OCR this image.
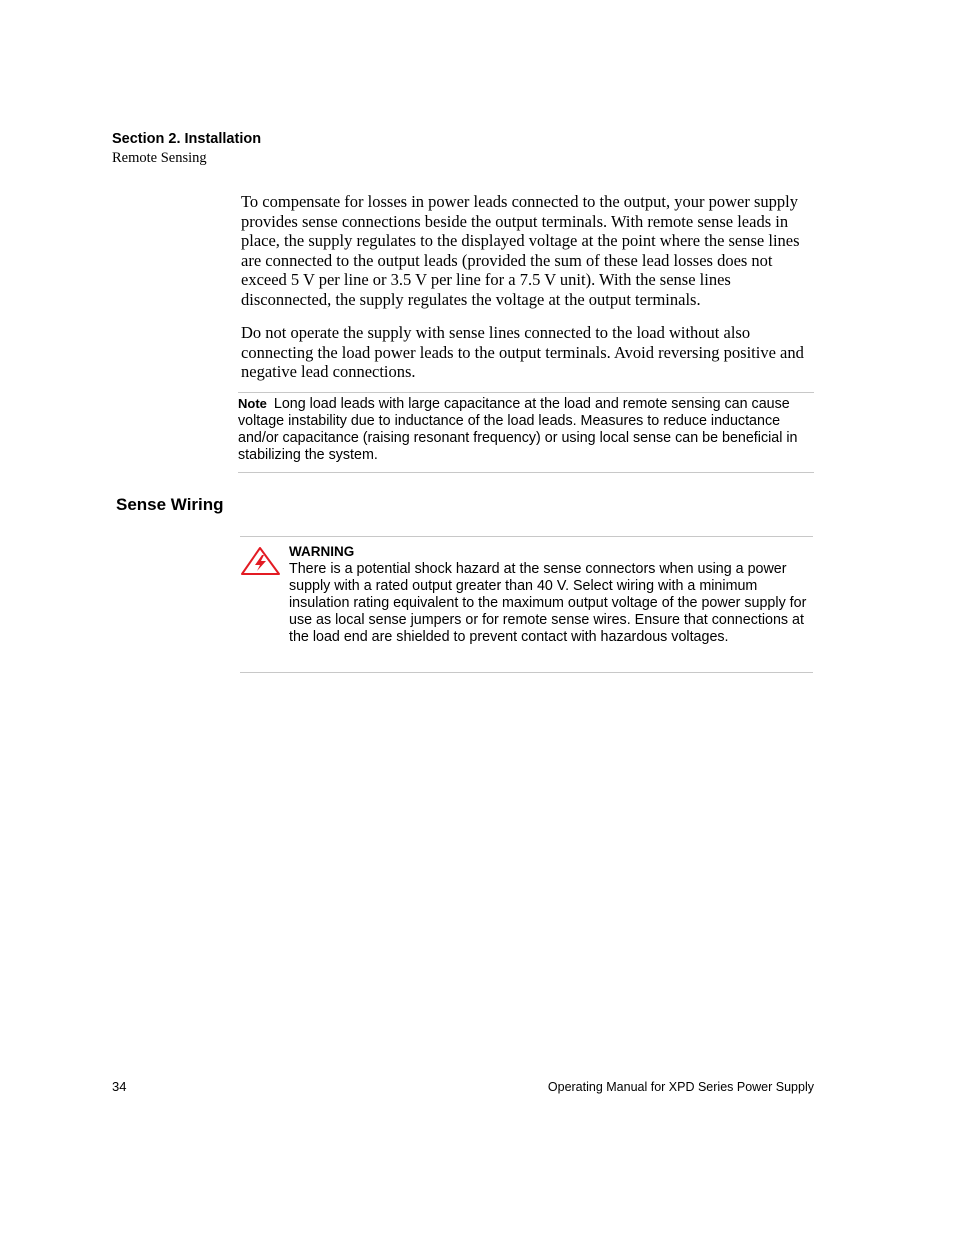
Section 2. Installation
Remote Sensing

To compensate for losses in power leads connected to the output, your power supply provides sense connections beside the output terminals. With remote sense leads in place, the supply regulates to the displayed voltage at the point where the sense lines are connected to the output leads (provided the sum of these lead losses does not exceed 5 V per line or 3.5 V per line for a 7.5 V unit). With the sense lines disconnected, the supply regulates the voltage at the output terminals.

Do not operate the supply with sense lines connected to the load without also connecting the load power leads to the output terminals. Avoid reversing positive and negative lead connections.

Note Long load leads with large capacitance at the load and remote sensing can cause voltage instability due to inductance of the load leads. Measures to reduce inductance and/or capacitance (raising resonant frequency) or using local sense can be beneficial in stabilizing the system.
Sense Wiring
WARNING
There is a potential shock hazard at the sense connectors when using a power supply with a rated output greater than 40 V. Select wiring with a minimum insulation rating equivalent to the maximum output voltage of the power supply for use as local sense jumpers or for remote sense wires. Ensure that connections at the load end are shielded to prevent contact with hazardous voltages.
34	Operating Manual for XPD Series Power Supply
